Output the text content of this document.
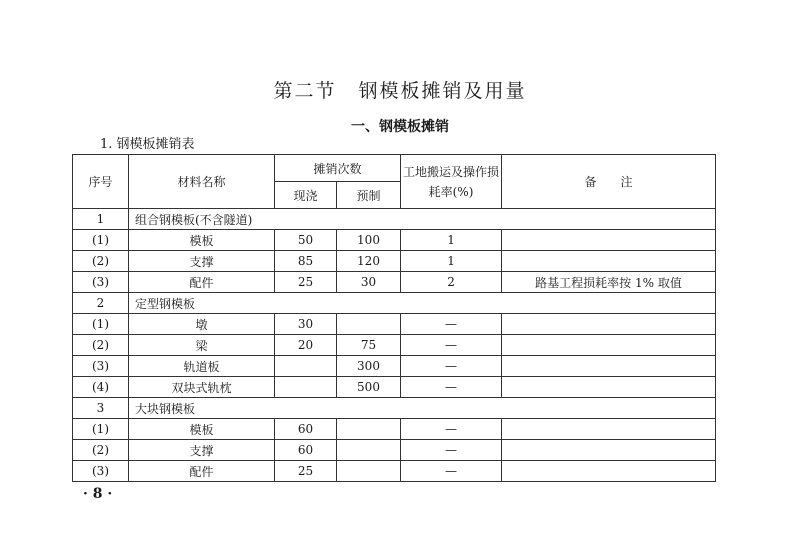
第二节 钢模板摊销及用量
一、钢模板摊销
1. 钢模板摊销表
序号	材料名称	摊销次数		工地搬运及操作损耗率(%)	备　　注
		现浇	预制		
1	组合钢模板(不含隧道)				
(1)	模板	50	100	1	
(2)	支撑	85	120	1	
(3)	配件	25	30	2	路基工程损耗率按 1% 取值
2	定型钢模板				
(1)	墩	30		—	
(2)	梁	20	75	—	
(3)	轨道板		300	—	
(4)	双块式轨枕		500	—	
3	大块钢模板				
(1)	模板	60		—	
(2)	支撑	60		—	
(3)	配件	25		—	
· 8 ·
